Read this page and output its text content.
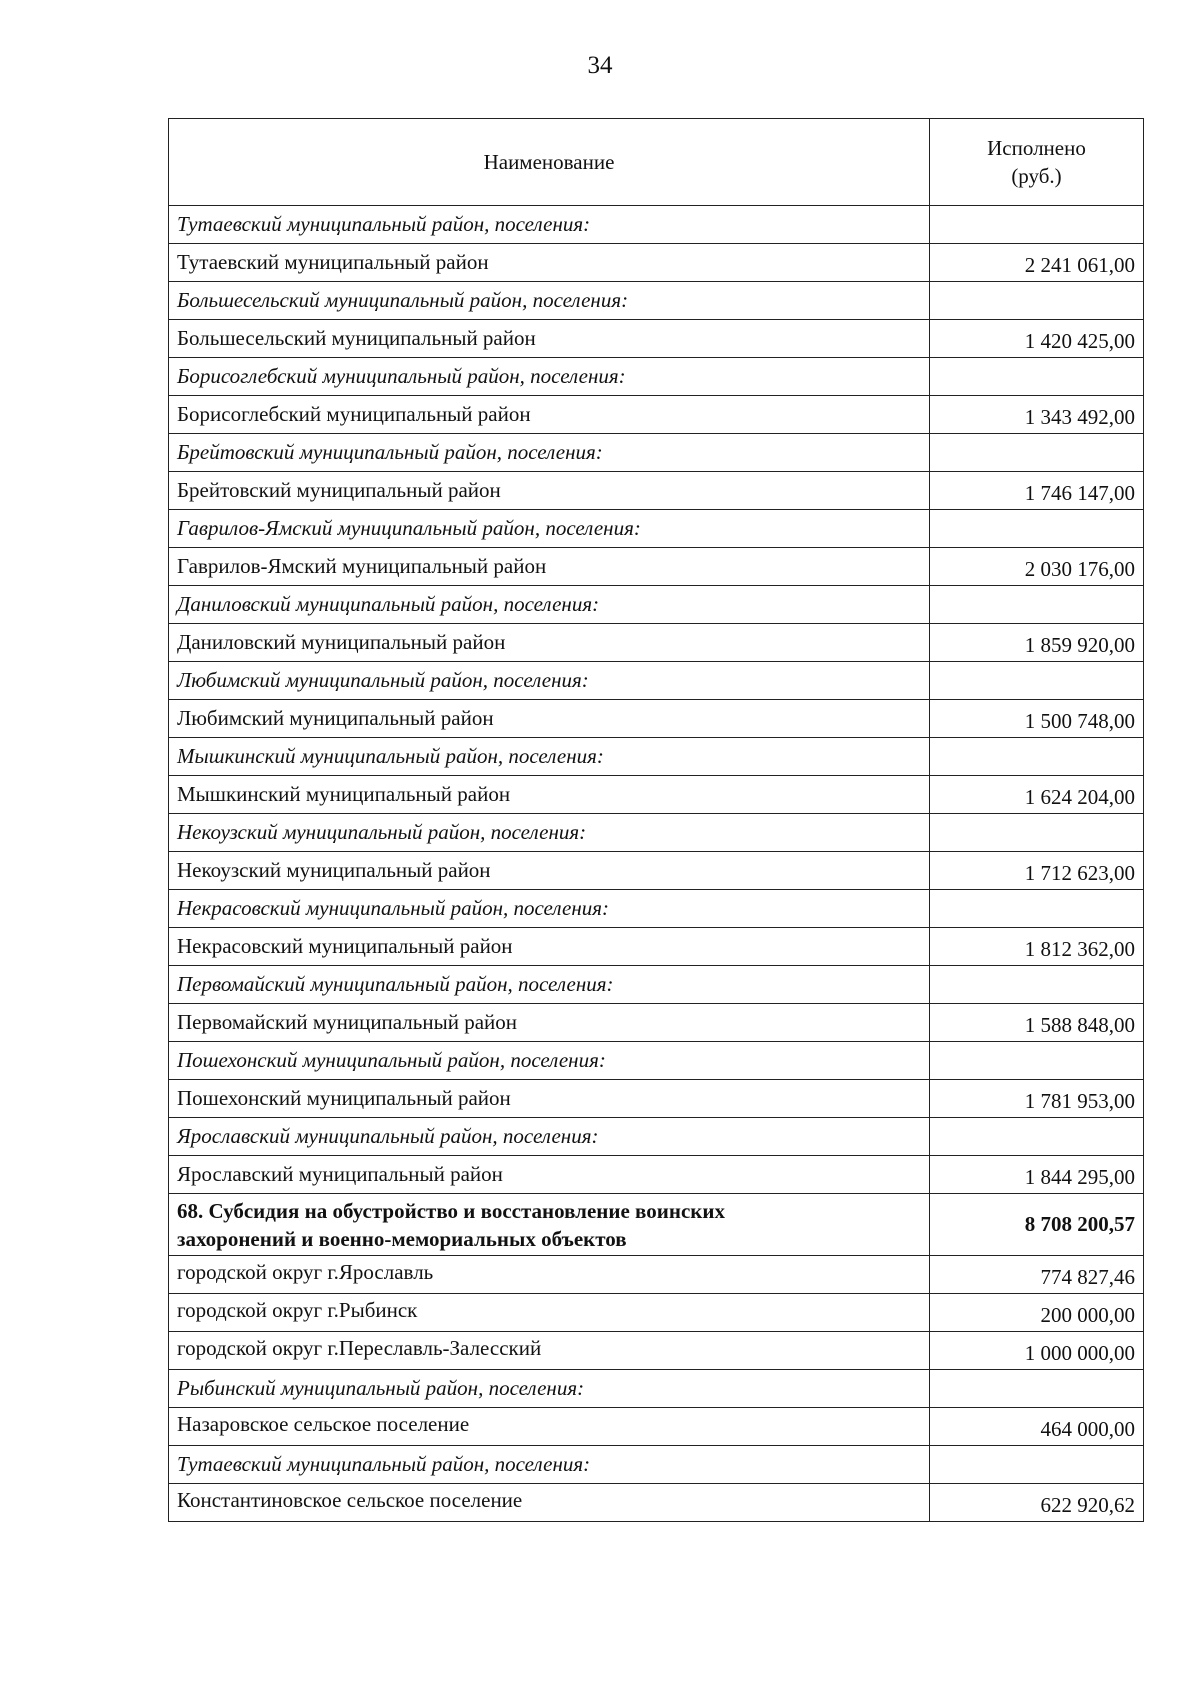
34
Наименование	Исполнено
(руб.)
Тутаевский муниципальный район, поселения:	
Тутаевский муниципальный район	2 241 061,00
Большесельский муниципальный район, поселения:	
Большесельский муниципальный район	1 420 425,00
Борисоглебский муниципальный район, поселения:	
Борисоглебский муниципальный район	1 343 492,00
Брейтовский муниципальный район, поселения:	
Брейтовский муниципальный район	1 746 147,00
Гаврилов-Ямский муниципальный район, поселения:	
Гаврилов-Ямский муниципальный район	2 030 176,00
Даниловский муниципальный район, поселения:	
Даниловский муниципальный район	1 859 920,00
Любимский муниципальный район, поселения:	
Любимский муниципальный район	1 500 748,00
Мышкинский муниципальный район, поселения:	
Мышкинский муниципальный район	1 624 204,00
Некоузский муниципальный район, поселения:	
Некоузский муниципальный район	1 712 623,00
Некрасовский муниципальный район, поселения:	
Некрасовский муниципальный район	1 812 362,00
Первомайский муниципальный район, поселения:	
Первомайский муниципальный район	1 588 848,00
Пошехонский муниципальный район, поселения:	
Пошехонский муниципальный район	1 781 953,00
Ярославский муниципальный район, поселения:	
Ярославский муниципальный район	1 844 295,00
68. Субсидия на обустройство и восстановление воинских
захоронений и военно-мемориальных объектов	8 708 200,57
городской округ г.Ярославль	774 827,46
городской округ г.Рыбинск	200 000,00
городской округ г.Переславль-Залесский	1 000 000,00
Рыбинский муниципальный район, поселения:	
Назаровское сельское поселение	464 000,00
Тутаевский муниципальный район, поселения:	
Константиновское сельское поселение	622 920,62
